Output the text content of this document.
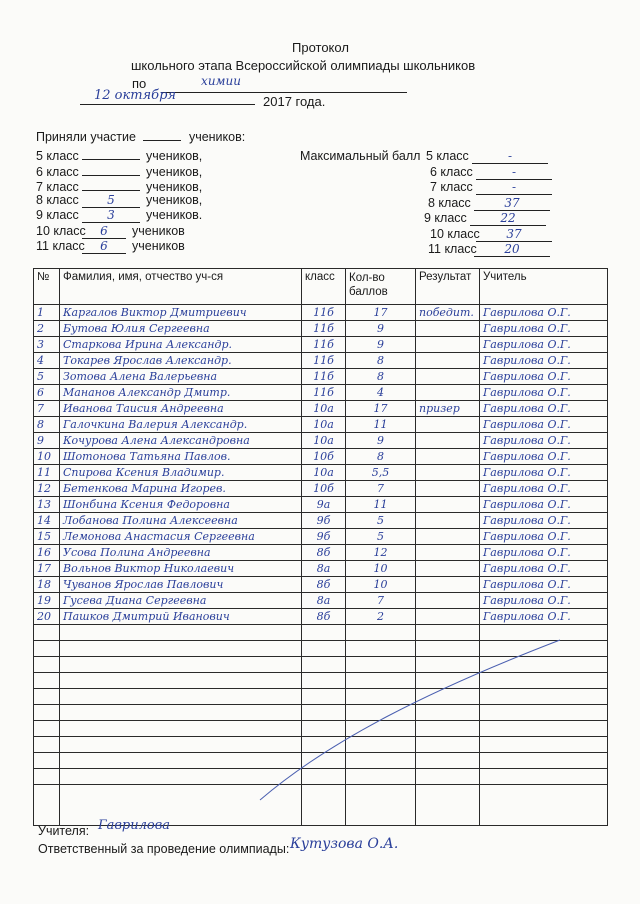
Протокол
школьного этапа Всероссийской олимпиады школьников
по	химии
12 октября	2017 года.
Приняли участие	учеников:
5 класс	учеников,
6 класс	учеников,
7 класс	учеников,
8 класс 5 учеников,
9 класс 3 учеников.
10 класс 6 учеников
11 класс 6 учеников
Максимальный балл 5 класс	-
6 класс	-
7 класс	-
8 класс	37
9 класс	22
10 класс 37
11 класс 20
№	Фамилия, имя, отчество уч-ся	класс	Кол-во баллов	Результат	Учитель
1	Каргалов Виктор Дмитриевич	11б	17	победит.	Гаврилова О.Г.
2	Бутова Юлия Сергеевна	11б	9		Гаврилова О.Г.
3	Старкова Ирина Александр.	11б	9		Гаврилова О.Г.
4	Токарев Ярослав Александр.	11б	8		Гаврилова О.Г.
5	Зотова Алена Валерьевна	11б	8		Гаврилова О.Г.
6	Мананов Александр Дмитр.	11б	4		Гаврилова О.Г.
7	Иванова Таисия Андреевна	10а	17	призер	Гаврилова О.Г.
8	Галочкина Валерия Александр.	10а	11		Гаврилова О.Г.
9	Кочурова Алена Александровна	10а	9		Гаврилова О.Г.
10	Шотонова Татьяна Павлов.	10б	8		Гаврилова О.Г.
11	Спирова Ксения Владимир.	10а	5,5		Гаврилова О.Г.
12	Бетенкова Марина Игорев.	10б	7		Гаврилова О.Г.
13	Шонбина Ксения Федоровна	9а	11		Гаврилова О.Г.
14	Лобанова Полина Алексеевна	9б	5		Гаврилова О.Г.
15	Лемонова Анастасия Сергеевна	9б	5		Гаврилова О.Г.
16	Усова Полина Андреевна	8б	12		Гаврилова О.Г.
17	Вольнов Виктор Николаевич	8а	10		Гаврилова О.Г.
18	Чуванов Ярослав Павлович	8б	10		Гаврилова О.Г.
19	Гусева Диана Сергеевна	8а	7		Гаврилова О.Г.
20	Пашков Дмитрий Иванович	8б	2		Гаврилова О.Г.

Учителя: Гаврилова
Ответственный за проведение олимпиады: Кутузова О.А.
